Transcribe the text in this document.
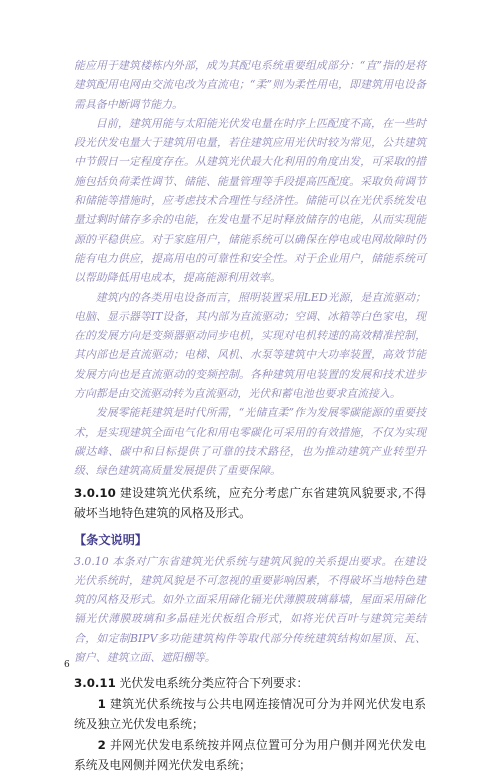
能应用于建筑楼栋内外部，成为其配电系统重要组成部分：“直”指的是将建筑配用电网由交流电改为直流电；“柔”则为柔性用电，即建筑用电设备需具备中断调节能力。

目前，建筑用能与太阳能光伏发电量在时序上匹配度不高，在一些时段光伏发电量大于建筑用电量，若住建筑应用光伏时较为常见，公共建筑中节假日一定程度存在。从建筑光伏最大化利用的角度出发，可采取的措施包括负荷柔性调节、储能、能量管理等手段提高匹配度。采取负荷调节和储能等措施时，应考虑技术合理性与经济性。储能可以在光伏系统发电量过剩时储存多余的电能，在发电量不足时释放储存的电能，从而实现能源的平稳供应。对于家庭用户，储能系统可以确保在停电或电网故障时仍能有电力供应，提高用电的可靠性和安全性。对于企业用户，储能系统可以帮助降低用电成本，提高能源利用效率。

建筑内的各类用电设备而言，照明装置采用LED光源，是直流驱动；电脑、显示器等IT设备，其内部为直流驱动；空调、冰箱等白色家电，现在的发展方向是变频器驱动同步电机，实现对电机转速的高效精准控制，其内部也是直流驱动；电梯、风机、水泵等建筑中大功率装置，高效节能发展方向也是直流驱动的变频控制。各种建筑用电装置的发展和技术进步方向都是由交流驱动转为直流驱动，光伏和蓄电池也要求直流接入。

发展零能耗建筑是时代所需，“光储直柔”作为发展零碳能源的重要技术，是实现建筑全面电气化和用电零碳化可采用的有效措施，不仅为实现碳达峰、碳中和目标提供了可靠的技术路径，也为推动建筑产业转型升级、绿色建筑高质量发展提供了重要保障。

3.0.10 建设建筑光伏系统，应充分考虑广东省建筑风貌要求,不得破坏当地特色建筑的风格及形式。

【条文说明】

3.0.10 本条对广东省建筑光伏系统与建筑风貌的关系提出要求。在建设光伏系统时，建筑风貌是不可忽视的重要影响因素，不得破坏当地特色建筑的风格及形式。如外立面采用碲化镉光伏薄膜玻璃幕墙，屋面采用碲化镉光伏薄膜玻璃和多晶硅光伏板组合形式，如将光伏百叶与建筑完美结合，如定制BIPV多功能建筑构件等取代部分传统建筑结构如屋顶、瓦、窗户、建筑立面、遮阳棚等。

3.0.11 光伏发电系统分类应符合下列要求：

1 建筑光伏系统按与公共电网连接情况可分为并网光伏发电系统及独立光伏发电系统；

2 并网光伏发电系统按并网点位置可分为用户侧并网光伏发电系统及电网侧并网光伏发电系统；

6
